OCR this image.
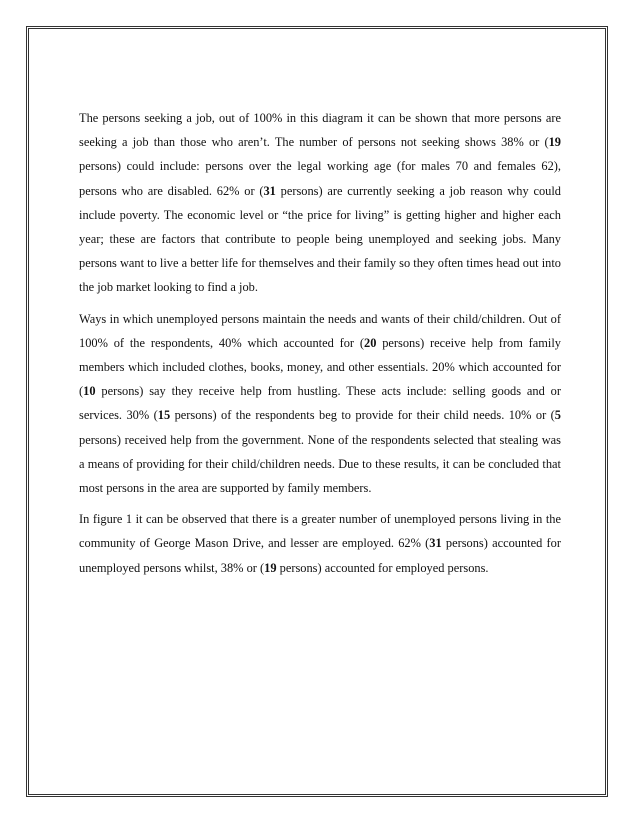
The persons seeking a job, out of 100% in this diagram it can be shown that more persons are seeking a job than those who aren’t. The number of persons not seeking shows 38% or (19 persons) could include: persons over the legal working age (for males 70 and females 62), persons who are disabled. 62% or (31 persons) are currently seeking a job reason why could include poverty. The economic level or “the price for living” is getting higher and higher each year; these are factors that contribute to people being unemployed and seeking jobs. Many persons want to live a better life for themselves and their family so they often times head out into the job market looking to find a job.

Ways in which unemployed persons maintain the needs and wants of their child/children. Out of 100% of the respondents, 40% which accounted for (20 persons) receive help from family members which included clothes, books, money, and other essentials. 20% which accounted for (10 persons) say they receive help from hustling. These acts include: selling goods and or services. 30% (15 persons) of the respondents beg to provide for their child needs. 10% or (5 persons) received help from the government. None of the respondents selected that stealing was a means of providing for their child/children needs. Due to these results, it can be concluded that most persons in the area are supported by family members.

In figure 1 it can be observed that there is a greater number of unemployed persons living in the community of George Mason Drive, and lesser are employed. 62% (31 persons) accounted for unemployed persons whilst, 38% or (19 persons) accounted for employed persons.
